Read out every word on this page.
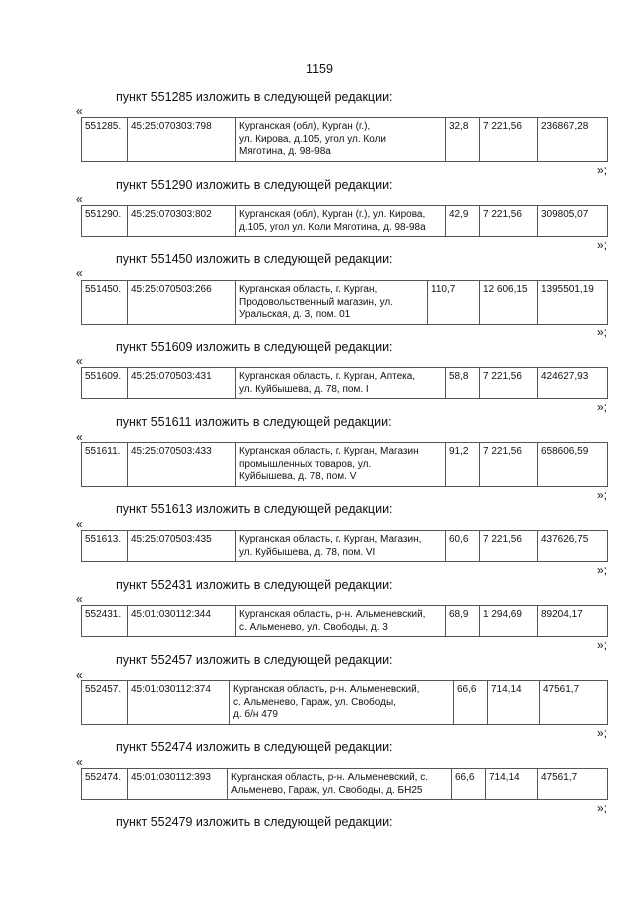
1159
пункт 551285 изложить в следующей редакции:
«
551285.	45:25:070303:798	Курганская (обл), Курган (г.),
ул. Кирова, д.105, угол ул. Коли
Мяготина, д. 98-98а	32,8	7 221,56	236867,28
»;
пункт 551290 изложить в следующей редакции:
«
551290.	45:25:070303:802	Курганская (обл), Курган (г.), ул. Кирова,
д.105, угол ул. Коли Мяготина, д. 98-98а	42,9	7 221,56	309805,07
»;
пункт 551450 изложить в следующей редакции:
«
551450.	45:25:070503:266	Курганская область, г. Курган,
Продовольственный магазин, ул.
Уральская, д. 3, пом. 01	110,7	12 606,15	1395501,19
»;
пункт 551609 изложить в следующей редакции:
«
551609.	45:25:070503:431	Курганская область, г. Курган, Аптека,
ул. Куйбышева, д. 78, пом. I	58,8	7 221,56	424627,93
»;
пункт 551611 изложить в следующей редакции:
«
551611.	45:25:070503:433	Курганская область, г. Курган, Магазин
промышленных товаров, ул.
Куйбышева, д. 78, пом. V	91,2	7 221,56	658606,59
»;
пункт 551613 изложить в следующей редакции:
«
551613.	45:25:070503:435	Курганская область, г. Курган, Магазин,
ул. Куйбышева, д. 78, пом. VI	60,6	7 221,56	437626,75
»;
пункт 552431 изложить в следующей редакции:
«
552431.	45:01:030112:344	Курганская область, р-н. Альменевский,
с. Альменево, ул. Свободы, д. 3	68,9	1 294,69	89204,17
»;
пункт 552457 изложить в следующей редакции:
«
552457.	45:01:030112:374	Курганская область, р-н. Альменевский,
с. Альменево, Гараж, ул. Свободы,
д. б/н 479	66,6	714,14	47561,7
»;
пункт 552474 изложить в следующей редакции:
«
552474.	45:01:030112:393	Курганская область, р-н. Альменевский, с.
Альменево, Гараж, ул. Свободы, д. БН25	66,6	714,14	47561,7
»;
пункт 552479 изложить в следующей редакции:
